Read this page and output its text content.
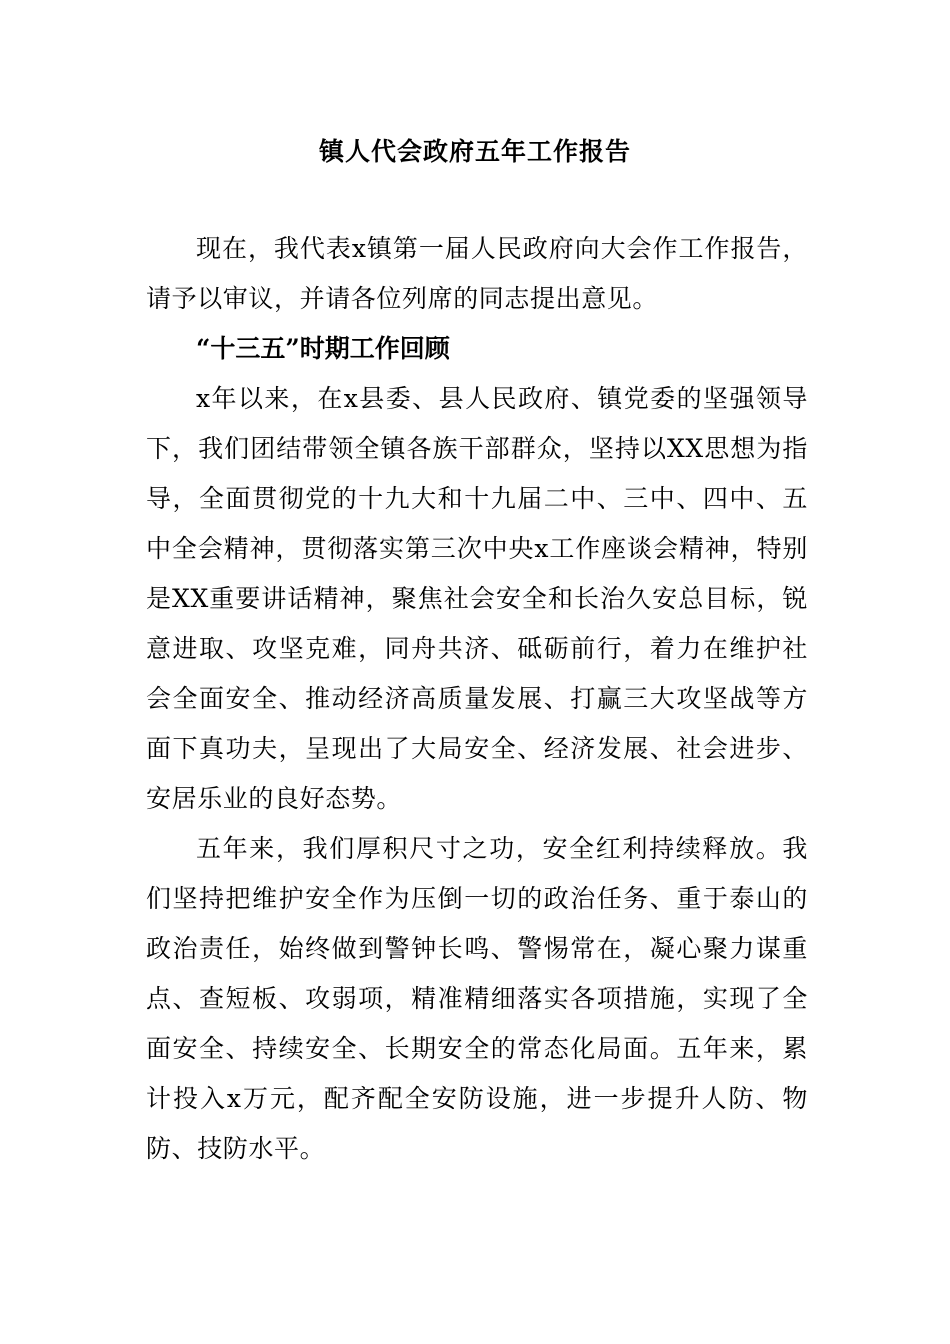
镇人代会政府五年工作报告

现在，我代表x镇第一届人民政府向大会作工作报告，请予以审议，并请各位列席的同志提出意见。

“十三五”时期工作回顾

x年以来，在x县委、县人民政府、镇党委的坚强领导下，我们团结带领全镇各族干部群众，坚持以XX思想为指导，全面贯彻党的十九大和十九届二中、三中、四中、五中全会精神，贯彻落实第三次中央x工作座谈会精神，特别是XX重要讲话精神，聚焦社会安全和长治久安总目标，锐意进取、攻坚克难，同舟共济、砥砺前行，着力在维护社会全面安全、推动经济高质量发展、打赢三大攻坚战等方面下真功夫，呈现出了大局安全、经济发展、社会进步、安居乐业的良好态势。

五年来，我们厚积尺寸之功，安全红利持续释放。我们坚持把维护安全作为压倒一切的政治任务、重于泰山的政治责任，始终做到警钟长鸣、警惕常在，凝心聚力谋重点、查短板、攻弱项，精准精细落实各项措施，实现了全面安全、持续安全、长期安全的常态化局面。五年来，累计投入x万元，配齐配全安防设施，进一步提升人防、物防、技防水平。
